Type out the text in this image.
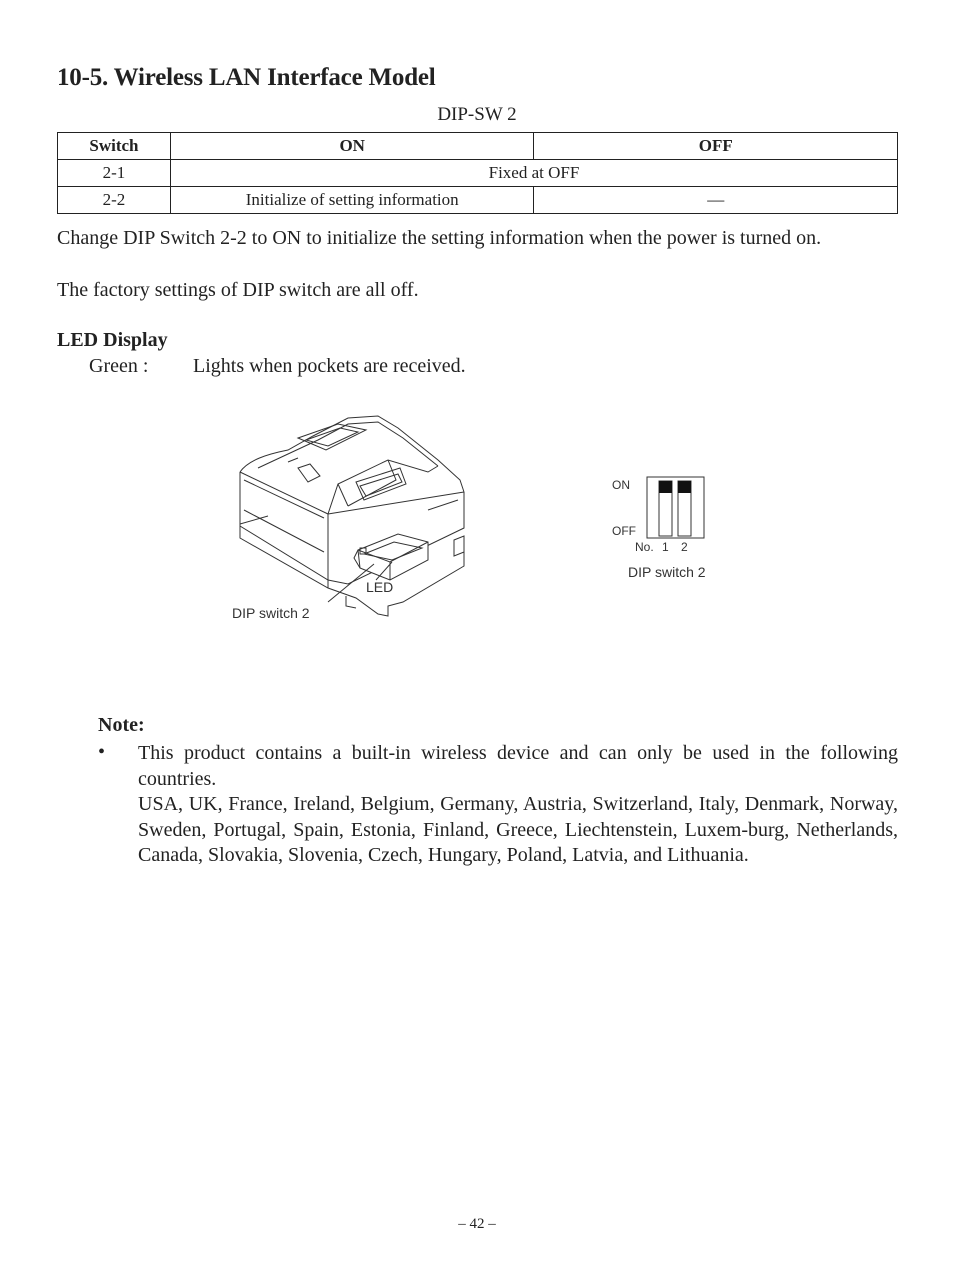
10-5. Wireless LAN Interface Model
DIP-SW 2
Switch	ON	OFF
2-1	Fixed at OFF	
2-2	Initialize of setting information	—
Change DIP Switch 2-2 to ON to initialize the setting information when the power is turned on.
The factory settings of DIP switch are all off.
LED Display
Green : Lights when pockets are received.
LED
DIP switch 2
ON
OFF
No. 1 2
DIP switch 2
Note:
• This product contains a built-in wireless device and can only be used in the following countries.
USA, UK, France, Ireland, Belgium, Germany, Austria, Switzerland, Italy, Denmark, Norway, Sweden, Portugal, Spain, Estonia, Finland, Greece, Liechtenstein, Luxem-burg, Netherlands, Canada, Slovakia, Slovenia, Czech, Hungary, Poland, Latvia, and Lithuania.
– 42 –
